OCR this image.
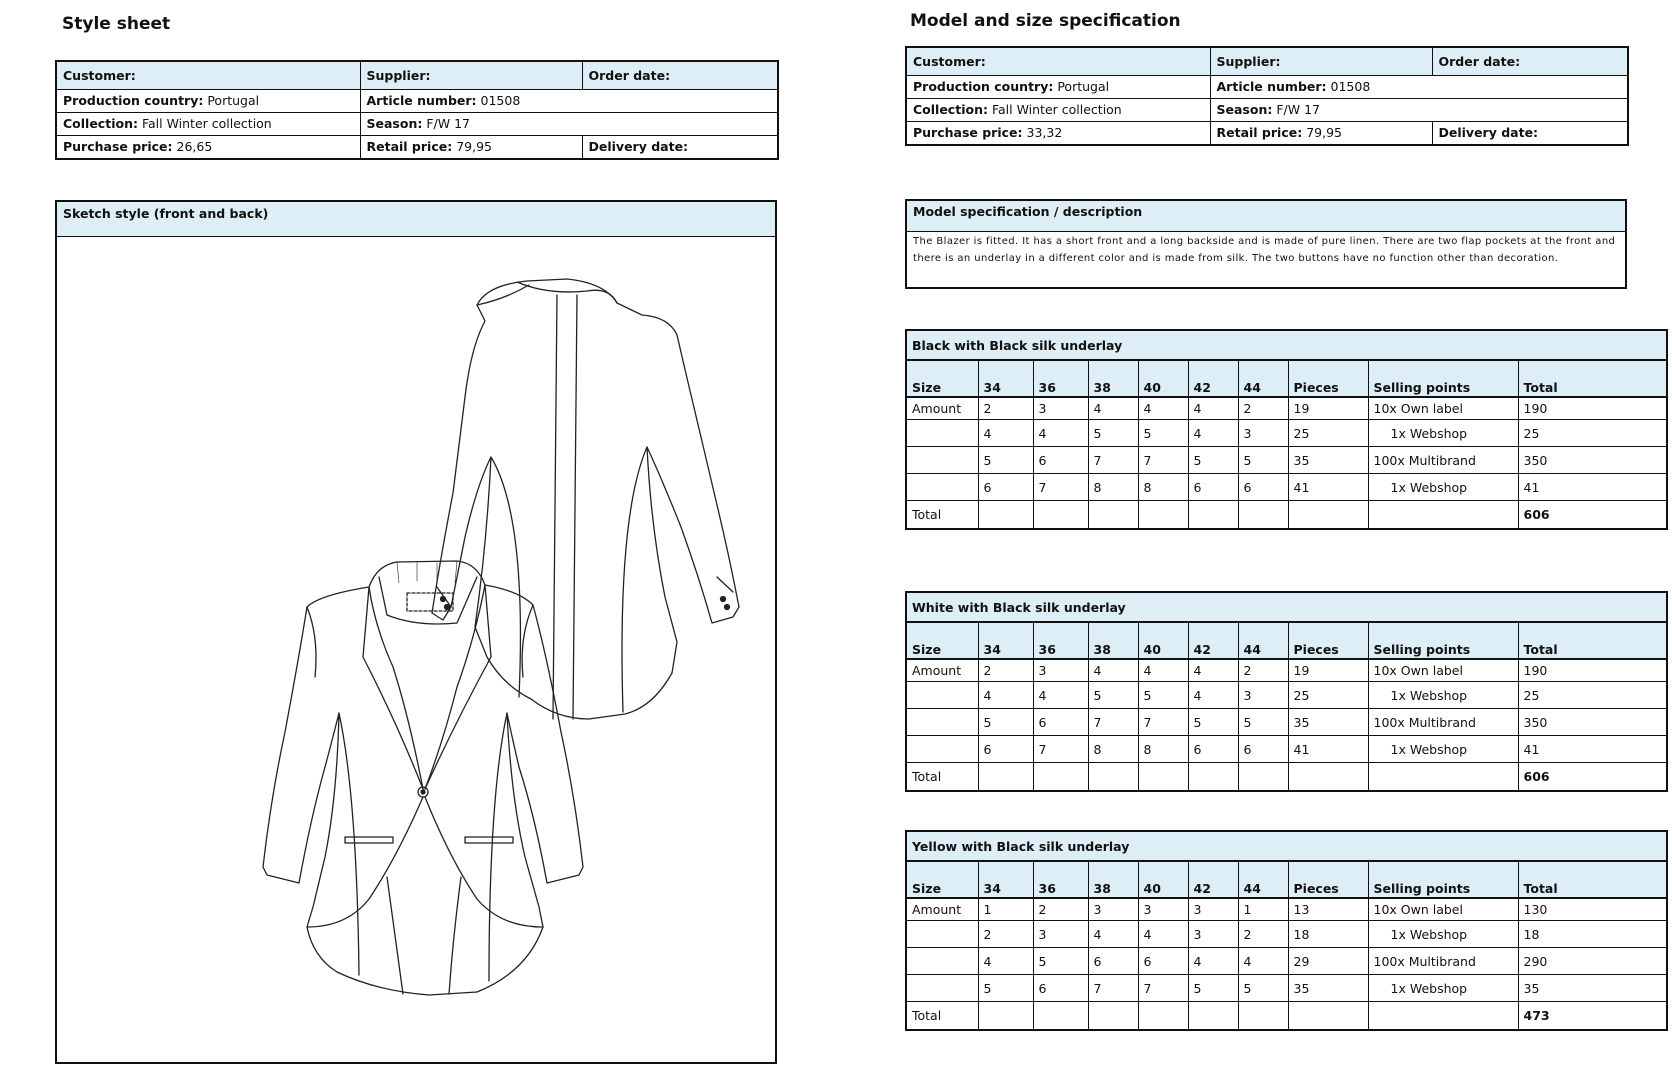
Style sheet
Customer:	Supplier:	Order date:
Production country: Portugal	Article number: 01508	
Collection: Fall Winter collection	Season: F/W 17	
Purchase price: 26,65	Retail price: 79,95	Delivery date:
Sketch style (front and back)
Model and size specification
Customer:	Supplier:	Order date:
Production country: Portugal	Article number: 01508	
Collection: Fall Winter collection	Season: F/W 17	
Purchase price: 33,32	Retail price: 79,95	Delivery date:
Model specification / description
The Blazer is fitted. It has a short front and a long backside and is made of pure linen. There are two flap pockets at the front and there is an underlay in a different color and is made from silk. The two buttons have no function other than decoration.
Black with Black silk underlay									
Size	34	36	38	40	42	44	Pieces	Selling points	Total
Amount	2	3	4	4	4	2	19	10x Own label	190
	4	4	5	5	4	3	25	1x Webshop	25
	5	6	7	7	5	5	35	100x Multibrand	350
	6	7	8	8	6	6	41	1x Webshop	41
Total									606
White with Black silk underlay									
Size	34	36	38	40	42	44	Pieces	Selling points	Total
Amount	2	3	4	4	4	2	19	10x Own label	190
	4	4	5	5	4	3	25	1x Webshop	25
	5	6	7	7	5	5	35	100x Multibrand	350
	6	7	8	8	6	6	41	1x Webshop	41
Total									606
Yellow with Black silk underlay									
Size	34	36	38	40	42	44	Pieces	Selling points	Total
Amount	1	2	3	3	3	1	13	10x Own label	130
	2	3	4	4	3	2	18	1x Webshop	18
	4	5	6	6	4	4	29	100x Multibrand	290
	5	6	7	7	5	5	35	1x Webshop	35
Total									473
